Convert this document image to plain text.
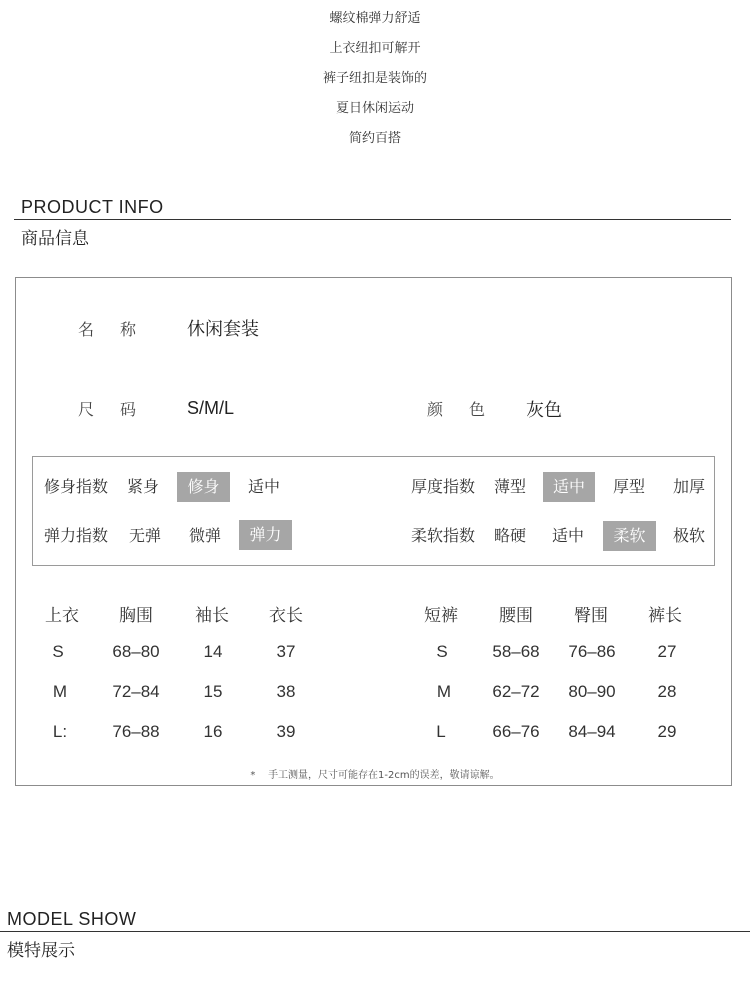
螺纹棉弹力舒适
上衣纽扣可解开
裤子纽扣是装饰的
夏日休闲运动
简约百搭
PRODUCT INFO
商品信息
名称 休闲套装
尺码 S/M/L	颜色 灰色
修身指数 紧身	修身	适中	厚度指数 薄型	适中	厚型 加厚
弹力指数 无弹 微弹	弹力	柔软指数 略硬 适中	柔软	极软
上衣	胸围	袖长	衣长
S	68–80	14	37
M	72–84	15	38
L:	76–88	16	39
短裤	腰围	臀围	裤长
S	58–68	76–86	27
M	62–72	80–90	28
L	66–76	84–94	29
* 手工测量，尺寸可能存在1-2cm的误差，敬请谅解。
MODEL SHOW
模特展示
